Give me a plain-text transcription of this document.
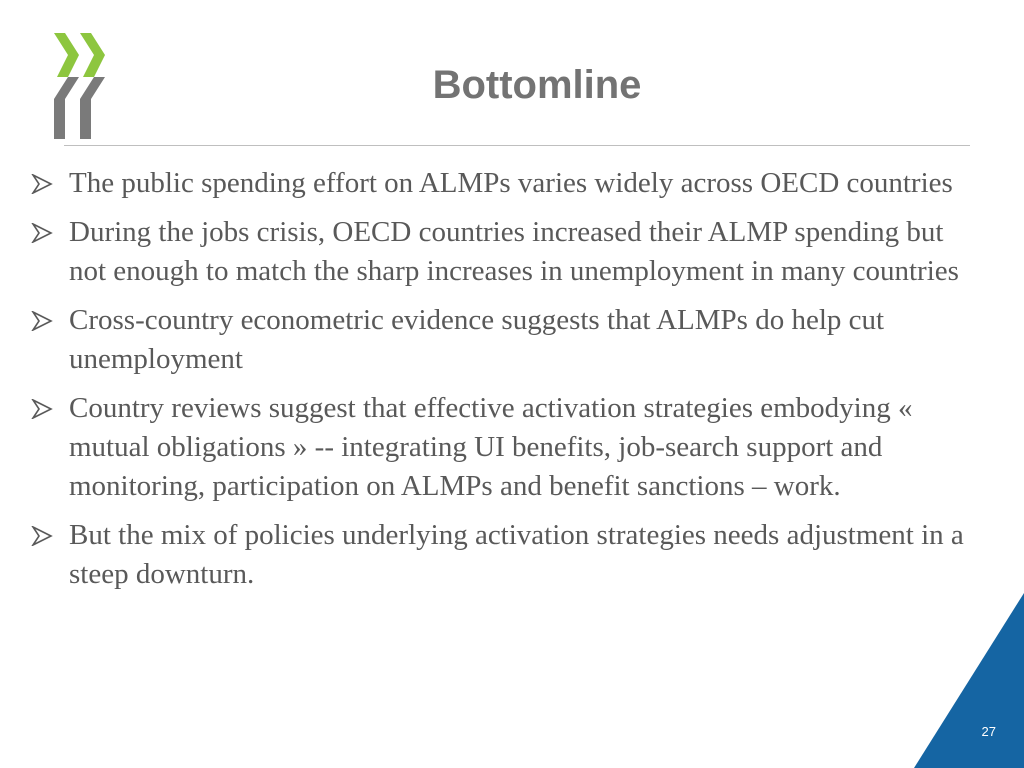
Bottomline
The public spending effort on ALMPs varies widely across OECD countries
During the jobs crisis, OECD countries increased their ALMP spending but not enough to match the sharp increases in unemployment in many countries
Cross-country econometric evidence suggests that ALMPs do help cut unemployment
Country reviews suggest that effective activation strategies embodying « mutual obligations » -- integrating UI benefits, job-search support and monitoring, participation on ALMPs and benefit sanctions – work.
But the mix of policies underlying activation strategies needs adjustment in a steep downturn.
27
